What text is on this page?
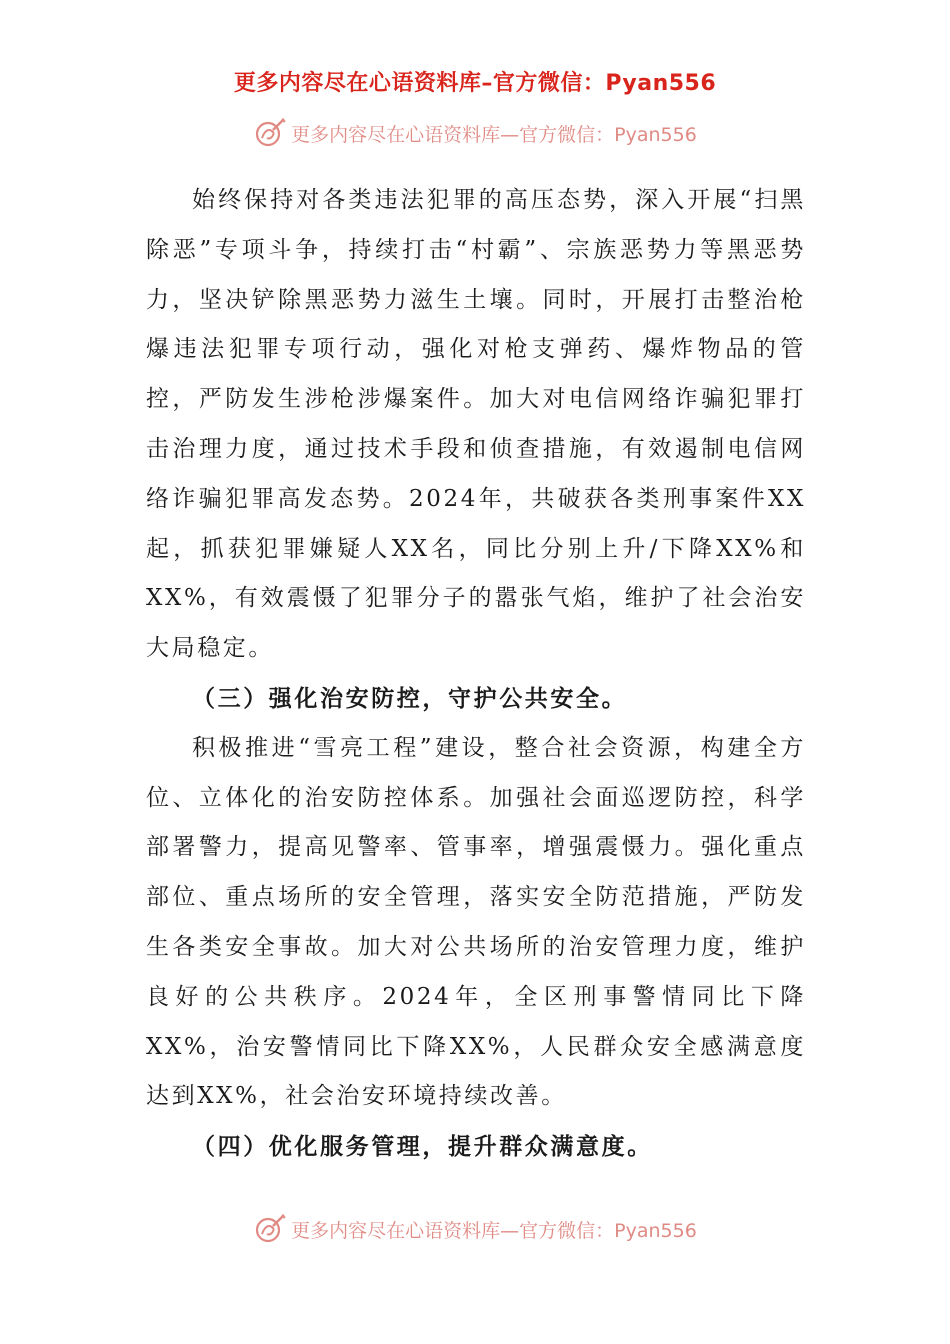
更多内容尽在心语资料库–官方微信：Pyan556
更多内容尽在心语资料库—官方微信：Pyan556

始终保持对各类违法犯罪的高压态势，深入开展“扫黑除恶”专项斗争，持续打击“村霸”、宗族恶势力等黑恶势力，坚决铲除黑恶势力滋生土壤。同时，开展打击整治枪爆违法犯罪专项行动，强化对枪支弹药、爆炸物品的管控，严防发生涉枪涉爆案件。加大对电信网络诈骗犯罪打击治理力度，通过技术手段和侦查措施，有效遏制电信网络诈骗犯罪高发态势。2024年，共破获各类刑事案件XX起，抓获犯罪嫌疑人XX名，同比分别上升/下降XX%和XX%，有效震慑了犯罪分子的嚣张气焰，维护了社会治安大局稳定。

（三）强化治安防控，守护公共安全。

积极推进“雪亮工程”建设，整合社会资源，构建全方位、立体化的治安防控体系。加强社会面巡逻防控，科学部署警力，提高见警率、管事率，增强震慑力。强化重点部位、重点场所的安全管理，落实安全防范措施，严防发生各类安全事故。加大对公共场所的治安管理力度，维护良好的公共秩序。2024年，全区刑事警情同比下降XX%，治安警情同比下降XX%，人民群众安全感满意度达到XX%，社会治安环境持续改善。

（四）优化服务管理，提升群众满意度。

更多内容尽在心语资料库—官方微信：Pyan556
